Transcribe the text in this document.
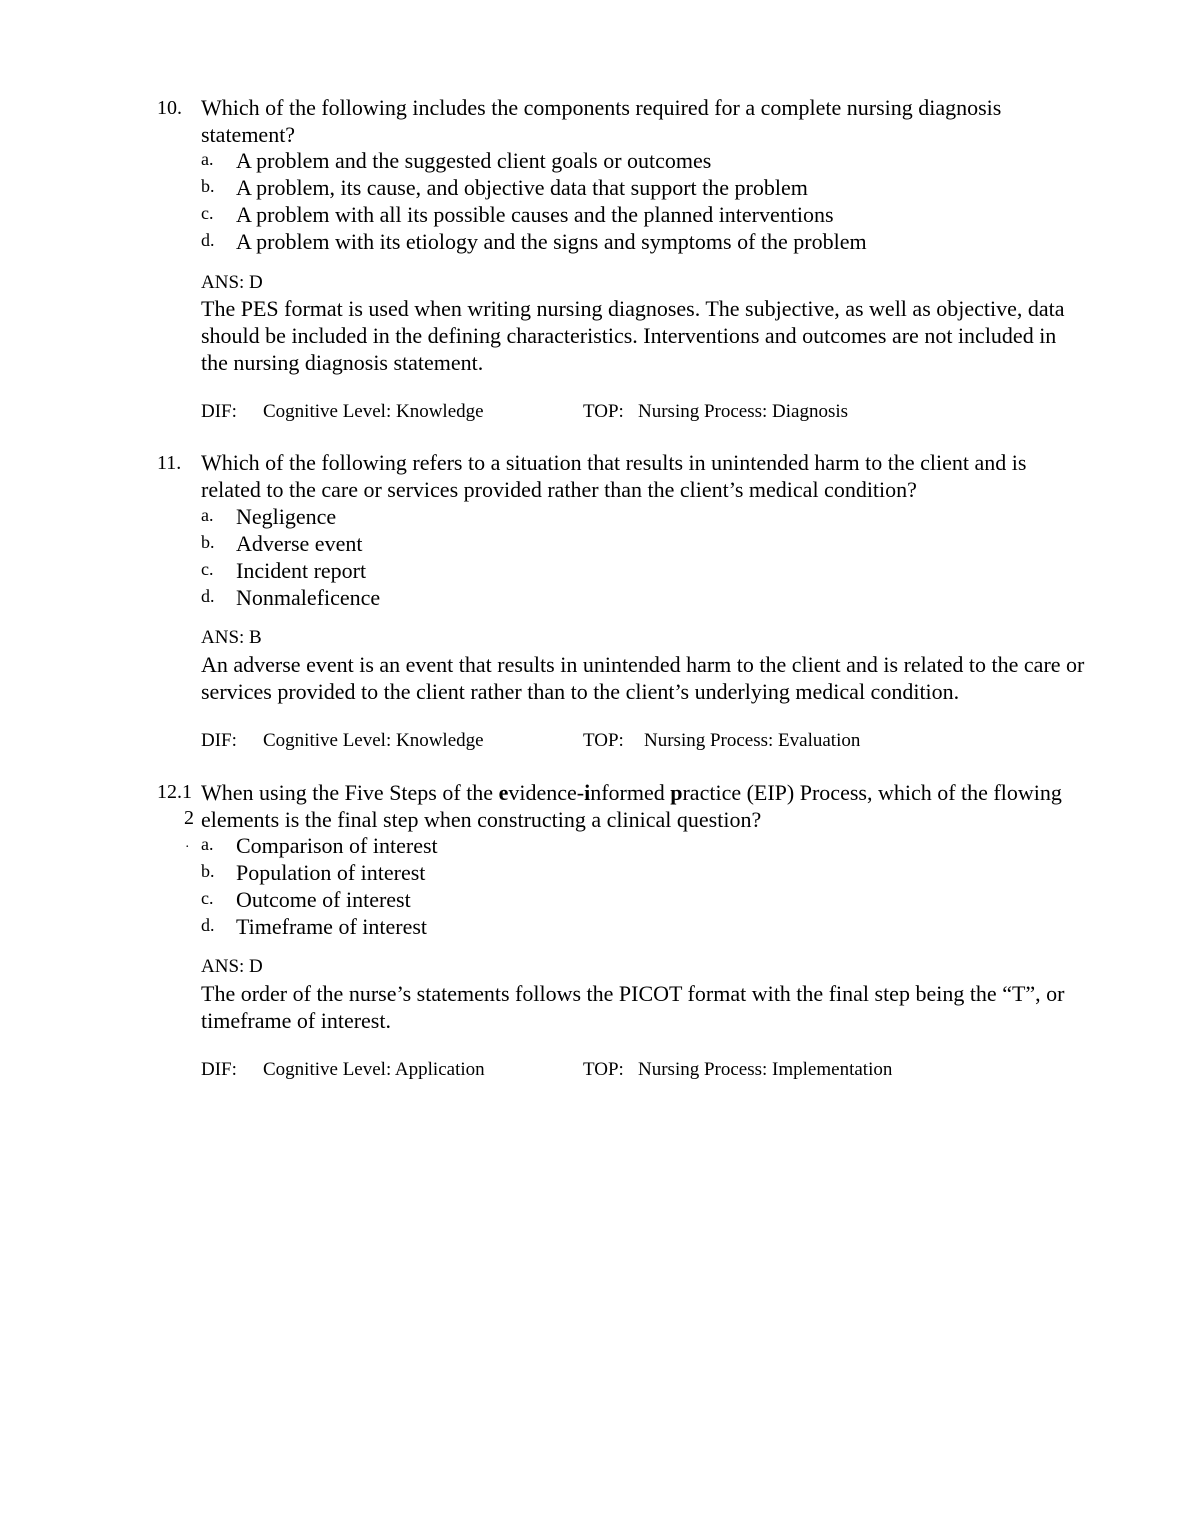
10. Which of the following includes the components required for a complete nursing diagnosis statement?
a. A problem and the suggested client goals or outcomes
b. A problem, its cause, and objective data that support the problem
c. A problem with all its possible causes and the planned interventions
d. A problem with its etiology and the signs and symptoms of the problem
ANS: D
The PES format is used when writing nursing diagnoses. The subjective, as well as objective, data should be included in the defining characteristics. Interventions and outcomes are not included in the nursing diagnosis statement.
DIF: Cognitive Level: Knowledge	TOP: Nursing Process: Diagnosis
11. Which of the following refers to a situation that results in unintended harm to the client and is related to the care or services provided rather than the client’s medical condition?
a. Negligence
b. Adverse event
c. Incident report
d. Nonmaleficence
ANS: B
An adverse event is an event that results in unintended harm to the client and is related to the care or services provided to the client rather than to the client’s underlying medical condition.
DIF: Cognitive Level: Knowledge	TOP: Nursing Process: Evaluation
12.1
2
.
When using the Five Steps of the evidence-informed practice (EIP) Process, which of the flowing elements is the final step when constructing a clinical question?
a. Comparison of interest
b. Population of interest
c. Outcome of interest
d. Timeframe of interest
ANS: D
The order of the nurse’s statements follows the PICOT format with the final step being the “T”, or timeframe of interest.
DIF: Cognitive Level: Application	TOP: Nursing Process: Implementation
